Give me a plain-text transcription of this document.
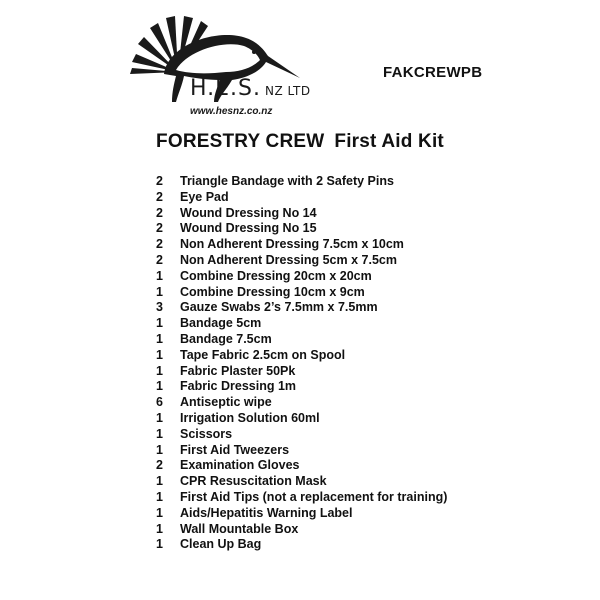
H.E.S. NZ LTD
www.hesnz.co.nz
FAKCREWPB
FORESTRY CREW First Aid Kit
2 Triangle Bandage with 2 Safety Pins
2 Eye Pad
2 Wound Dressing No 14
2 Wound Dressing No 15
2 Non Adherent Dressing 7.5cm x 10cm
2 Non Adherent Dressing 5cm x 7.5cm
1 Combine Dressing 20cm x 20cm
1 Combine Dressing 10cm x 9cm
3 Gauze Swabs 2’s 7.5mm x 7.5mm
1 Bandage 5cm
1 Bandage 7.5cm
1 Tape Fabric 2.5cm on Spool
1 Fabric Plaster 50Pk
1 Fabric Dressing 1m
6 Antiseptic wipe
1 Irrigation Solution 60ml
1 Scissors
1 First Aid Tweezers
2 Examination Gloves
1 CPR Resuscitation Mask
1 First Aid Tips (not a replacement for training)
1 Aids/Hepatitis Warning Label
1 Wall Mountable Box
1 Clean Up Bag
